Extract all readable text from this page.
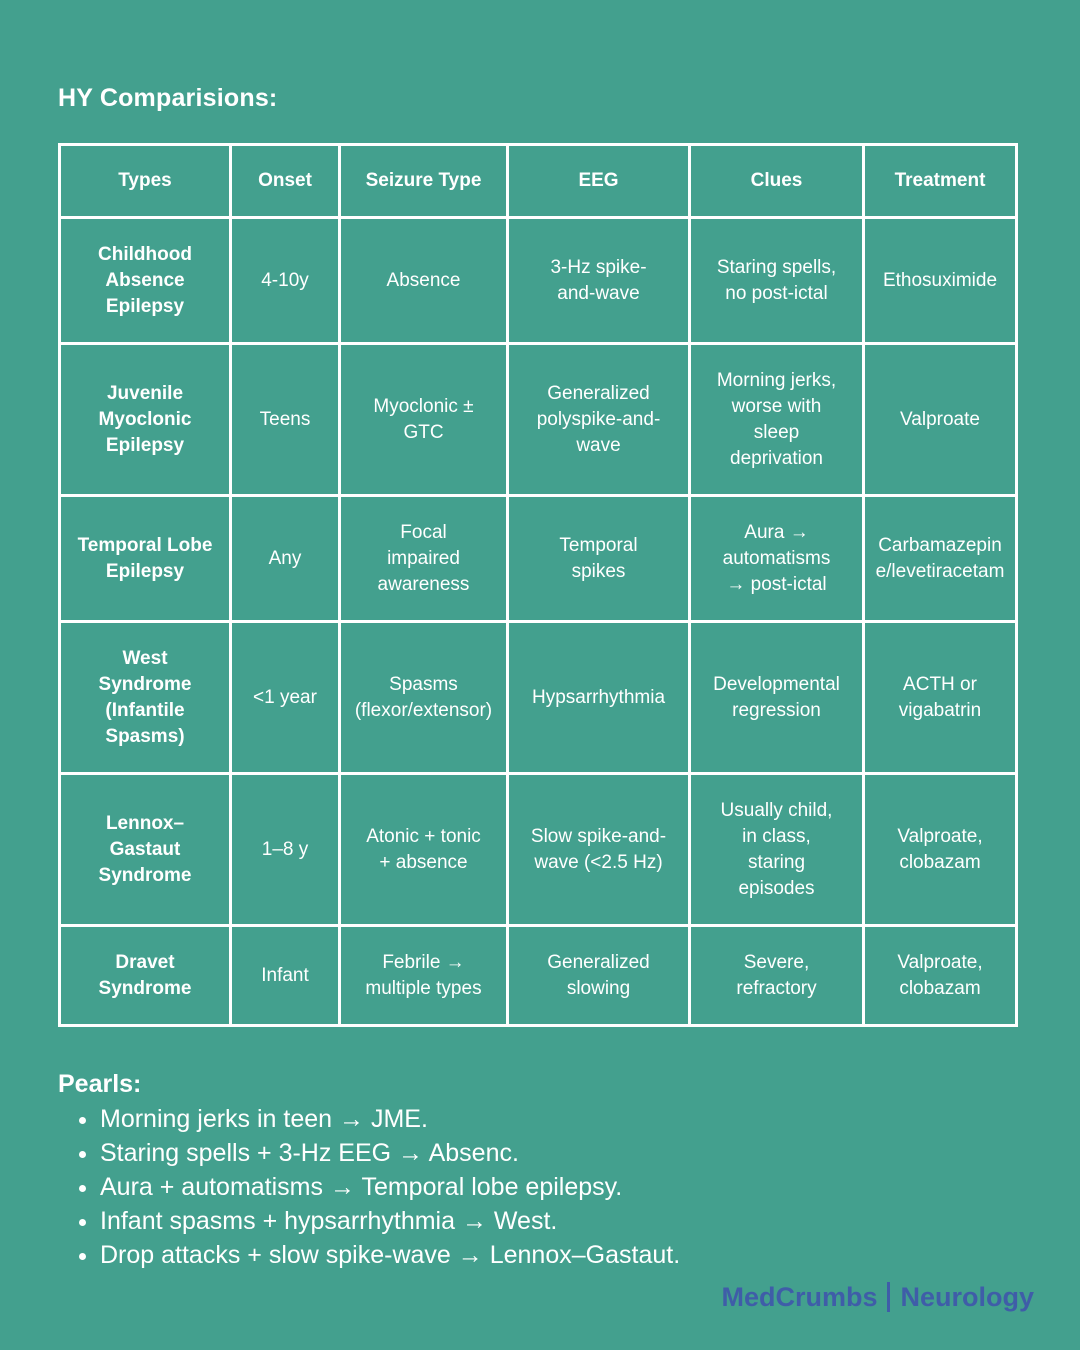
HY Comparisions:
Types	Onset	Seizure Type	EEG	Clues	Treatment
Childhood Absence Epilepsy	4-10y	Absence	3-Hz spike-and-wave	Staring spells, no post-ictal	Ethosuximide
Juvenile Myoclonic Epilepsy	Teens	Myoclonic ± GTC	Generalized polyspike-and-wave	Morning jerks, worse with sleep deprivation	Valproate
Temporal Lobe Epilepsy	Any	Focal impaired awareness	Temporal spikes	Aura → automatisms → post-ictal	Carbamazepine/levetiracetam
West Syndrome (Infantile Spasms)	<1 year	Spasms (flexor/extensor)	Hypsarrhythmia	Developmental regression	ACTH or vigabatrin
Lennox–Gastaut Syndrome	1–8 y	Atonic + tonic + absence	Slow spike-and-wave (<2.5 Hz)	Usually child, in class, staring episodes	Valproate, clobazam
Dravet Syndrome	Infant	Febrile → multiple types	Generalized slowing	Severe, refractory	Valproate, clobazam
Pearls:
• Morning jerks in teen → JME.
• Staring spells + 3-Hz EEG → Absenc.
• Aura + automatisms → Temporal lobe epilepsy.
• Infant spasms + hypsarrhythmia → West.
• Drop attacks + slow spike-wave → Lennox–Gastaut.
MedCrumbs Neurology
